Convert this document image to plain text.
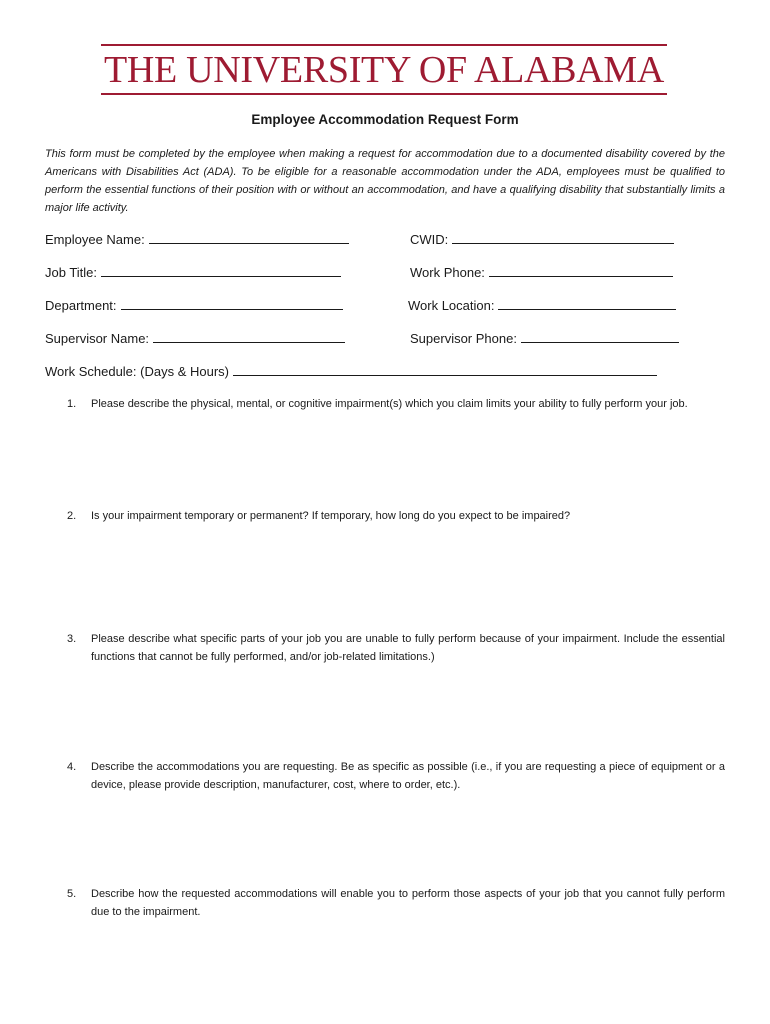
THE UNIVERSITY OF ALABAMA
Employee Accommodation Request Form

This form must be completed by the employee when making a request for accommodation due to a documented disability covered by the Americans with Disabilities Act (ADA). To be eligible for a reasonable accommodation under the ADA, employees must be qualified to perform the essential functions of their position with or without an accommodation, and have a qualifying disability that substantially limits a major life activity.

Employee Name:	CWID:
Job Title:	Work Phone:
Department:	Work Location:
Supervisor Name:	Supervisor Phone:
Work Schedule: (Days & Hours)
1. Please describe the physical, mental, or cognitive impairment(s) which you claim limits your ability to fully perform your job.
2. Is your impairment temporary or permanent? If temporary, how long do you expect to be impaired?
3. Please describe what specific parts of your job you are unable to fully perform because of your impairment. Include the essential functions that cannot be fully performed, and/or job-related limitations.)
4. Describe the accommodations you are requesting. Be as specific as possible (i.e., if you are requesting a piece of equipment or a device, please provide description, manufacturer, cost, where to order, etc.).
5. Describe how the requested accommodations will enable you to perform those aspects of your job that you cannot fully perform due to the impairment.
